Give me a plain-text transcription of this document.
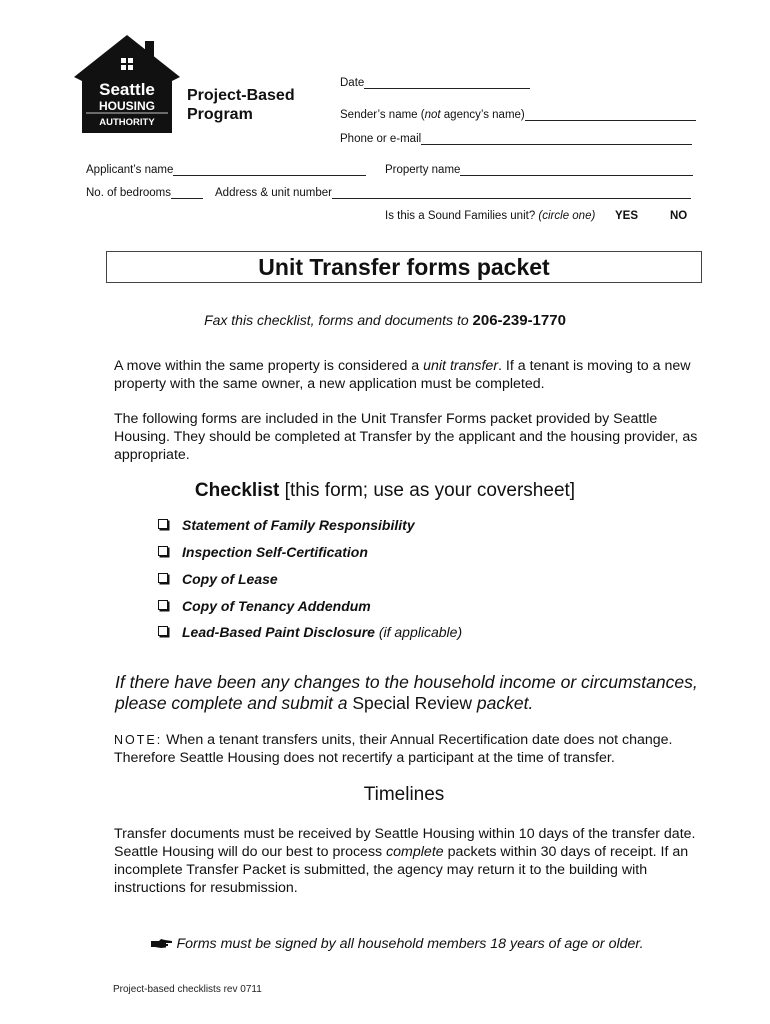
Seattle
HOUSING
AUTHORITY
Project-Based
Program
Date
Sender’s name (not agency’s name)
Phone or e-mail
Applicant’s name	Property name
No. of bedrooms	Address & unit number
Is this a Sound Families unit? (circle one) YES	NO
Unit Transfer forms packet
Fax this checklist, forms and documents to 206-239-1770
A move within the same property is considered a unit transfer. If a tenant is moving to a new property with the same owner, a new application must be completed.
The following forms are included in the Unit Transfer Forms packet provided by Seattle Housing. They should be completed at Transfer by the applicant and the housing provider, as appropriate.
Checklist [this form; use as your coversheet]
Statement of Family Responsibility
Inspection Self-Certification
Copy of Lease
Copy of Tenancy Addendum
Lead-Based Paint Disclosure (if applicable)
If there have been any changes to the household income or circumstances, please complete and submit a Special Review packet.
NOTE: When a tenant transfers units, their Annual Recertification date does not change. Therefore Seattle Housing does not recertify a participant at the time of transfer.
Timelines
Transfer documents must be received by Seattle Housing within 10 days of the transfer date. Seattle Housing will do our best to process complete packets within 30 days of receipt. If an incomplete Transfer Packet is submitted, the agency may return it to the building with instructions for resubmission.
Forms must be signed by all household members 18 years of age or older.
Project-based checklists rev 0711
